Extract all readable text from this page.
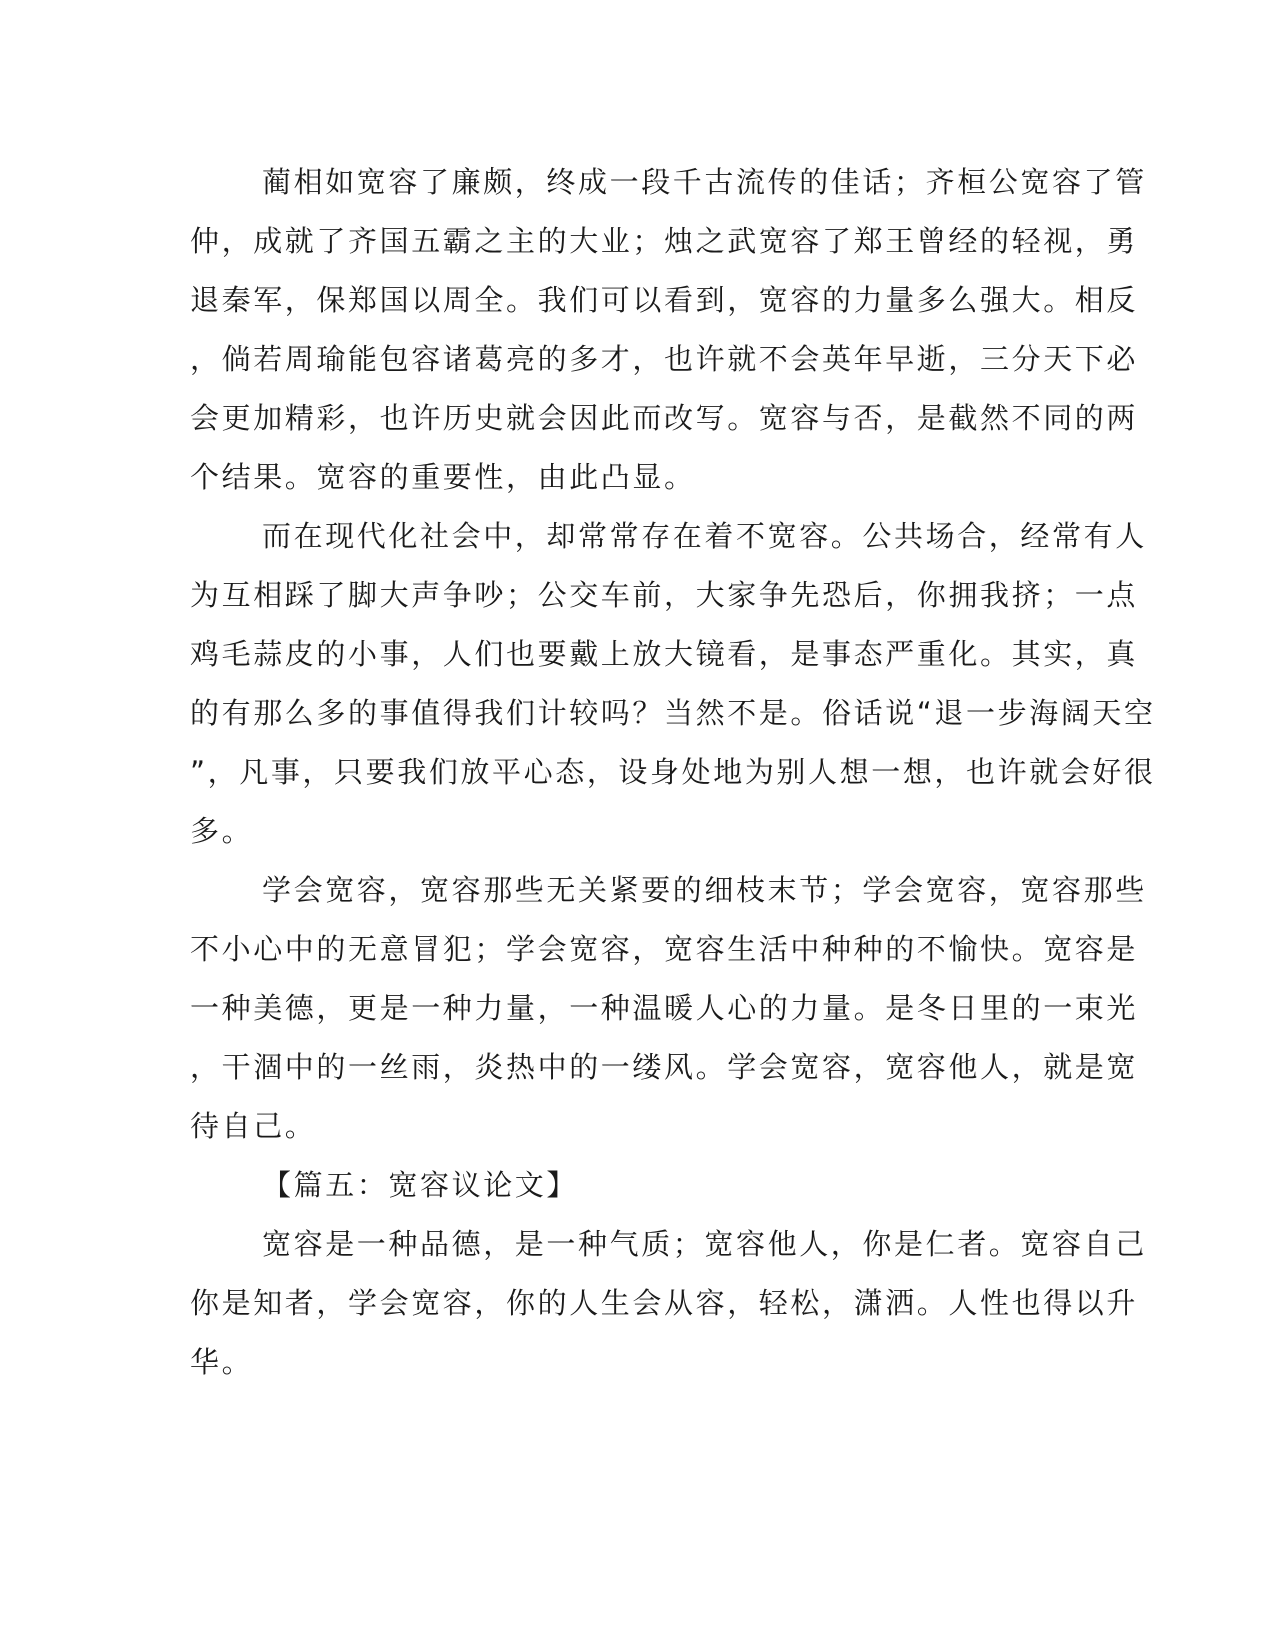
蔺相如宽容了廉颇，终成一段千古流传的佳话；齐桓公宽容了管

仲，成就了齐国五霸之主的大业；烛之武宽容了郑王曾经的轻视，勇

退秦军，保郑国以周全。我们可以看到，宽容的力量多么强大。相反

，倘若周瑜能包容诸葛亮的多才，也许就不会英年早逝，三分天下必

会更加精彩，也许历史就会因此而改写。宽容与否，是截然不同的两

个结果。宽容的重要性，由此凸显。

而在现代化社会中，却常常存在着不宽容。公共场合，经常有人

为互相踩了脚大声争吵；公交车前，大家争先恐后，你拥我挤；一点

鸡毛蒜皮的小事，人们也要戴上放大镜看，是事态严重化。其实，真

的有那么多的事值得我们计较吗？当然不是。俗话说“退一步海阔天空

”，凡事，只要我们放平心态，设身处地为别人想一想，也许就会好很

多。

学会宽容，宽容那些无关紧要的细枝末节；学会宽容，宽容那些

不小心中的无意冒犯；学会宽容，宽容生活中种种的不愉快。宽容是

一种美德，更是一种力量，一种温暖人心的力量。是冬日里的一束光

，干涸中的一丝雨，炎热中的一缕风。学会宽容，宽容他人，就是宽

待自己。

【篇五：宽容议论文】

宽容是一种品德，是一种气质；宽容他人，你是仁者。宽容自己

你是知者，学会宽容，你的人生会从容，轻松，潇洒。人性也得以升

华。
